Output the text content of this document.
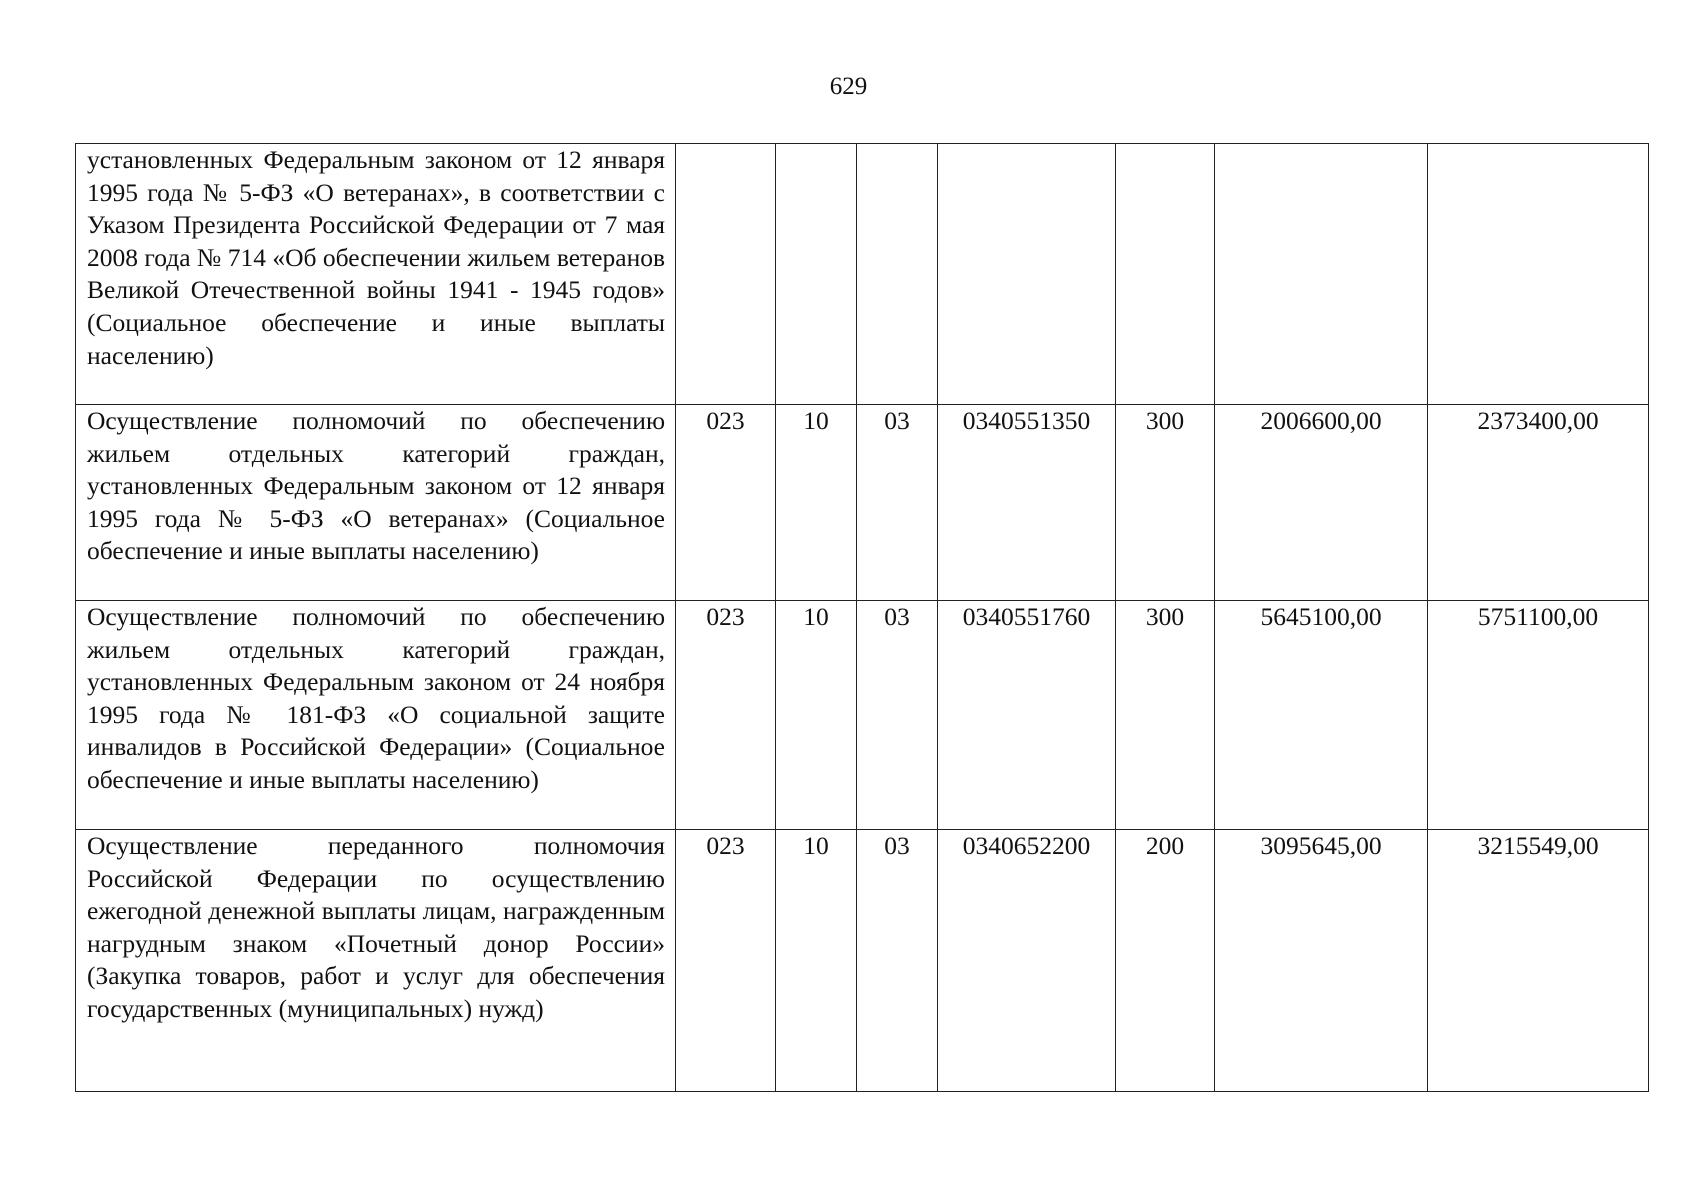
629
установленных Федеральным законом от 12 января 1995 года № 5-ФЗ «О ветеранах», в соответствии с Указом Президента Российской Федерации от 7 мая 2008 года № 714 «Об обеспечении жильем ветеранов Великой Отечественной войны 1941 - 1945 годов» (Социальное обеспечение и иные выплаты населению)							
Осуществление полномочий по обеспечению жильем отдельных категорий граждан, установленных Федеральным законом от 12 января 1995 года № 5-ФЗ «О ветеранах» (Социальное обеспечение и иные выплаты населению)	023	10	03	0340551350	300	2006600,00	2373400,00
Осуществление полномочий по обеспечению жильем отдельных категорий граждан, установленных Федеральным законом от 24 ноября 1995 года № 181-ФЗ «О социальной защите инвалидов в Российской Федерации» (Социальное обеспечение и иные выплаты населению)	023	10	03	0340551760	300	5645100,00	5751100,00
Осуществление переданного полномочия Российской Федерации по осуществлению ежегодной денежной выплаты лицам, награжденным нагрудным знаком «Почетный донор России» (Закупка товаров, работ и услуг для обеспечения государственных (муниципальных) нужд)	023	10	03	0340652200	200	3095645,00	3215549,00
